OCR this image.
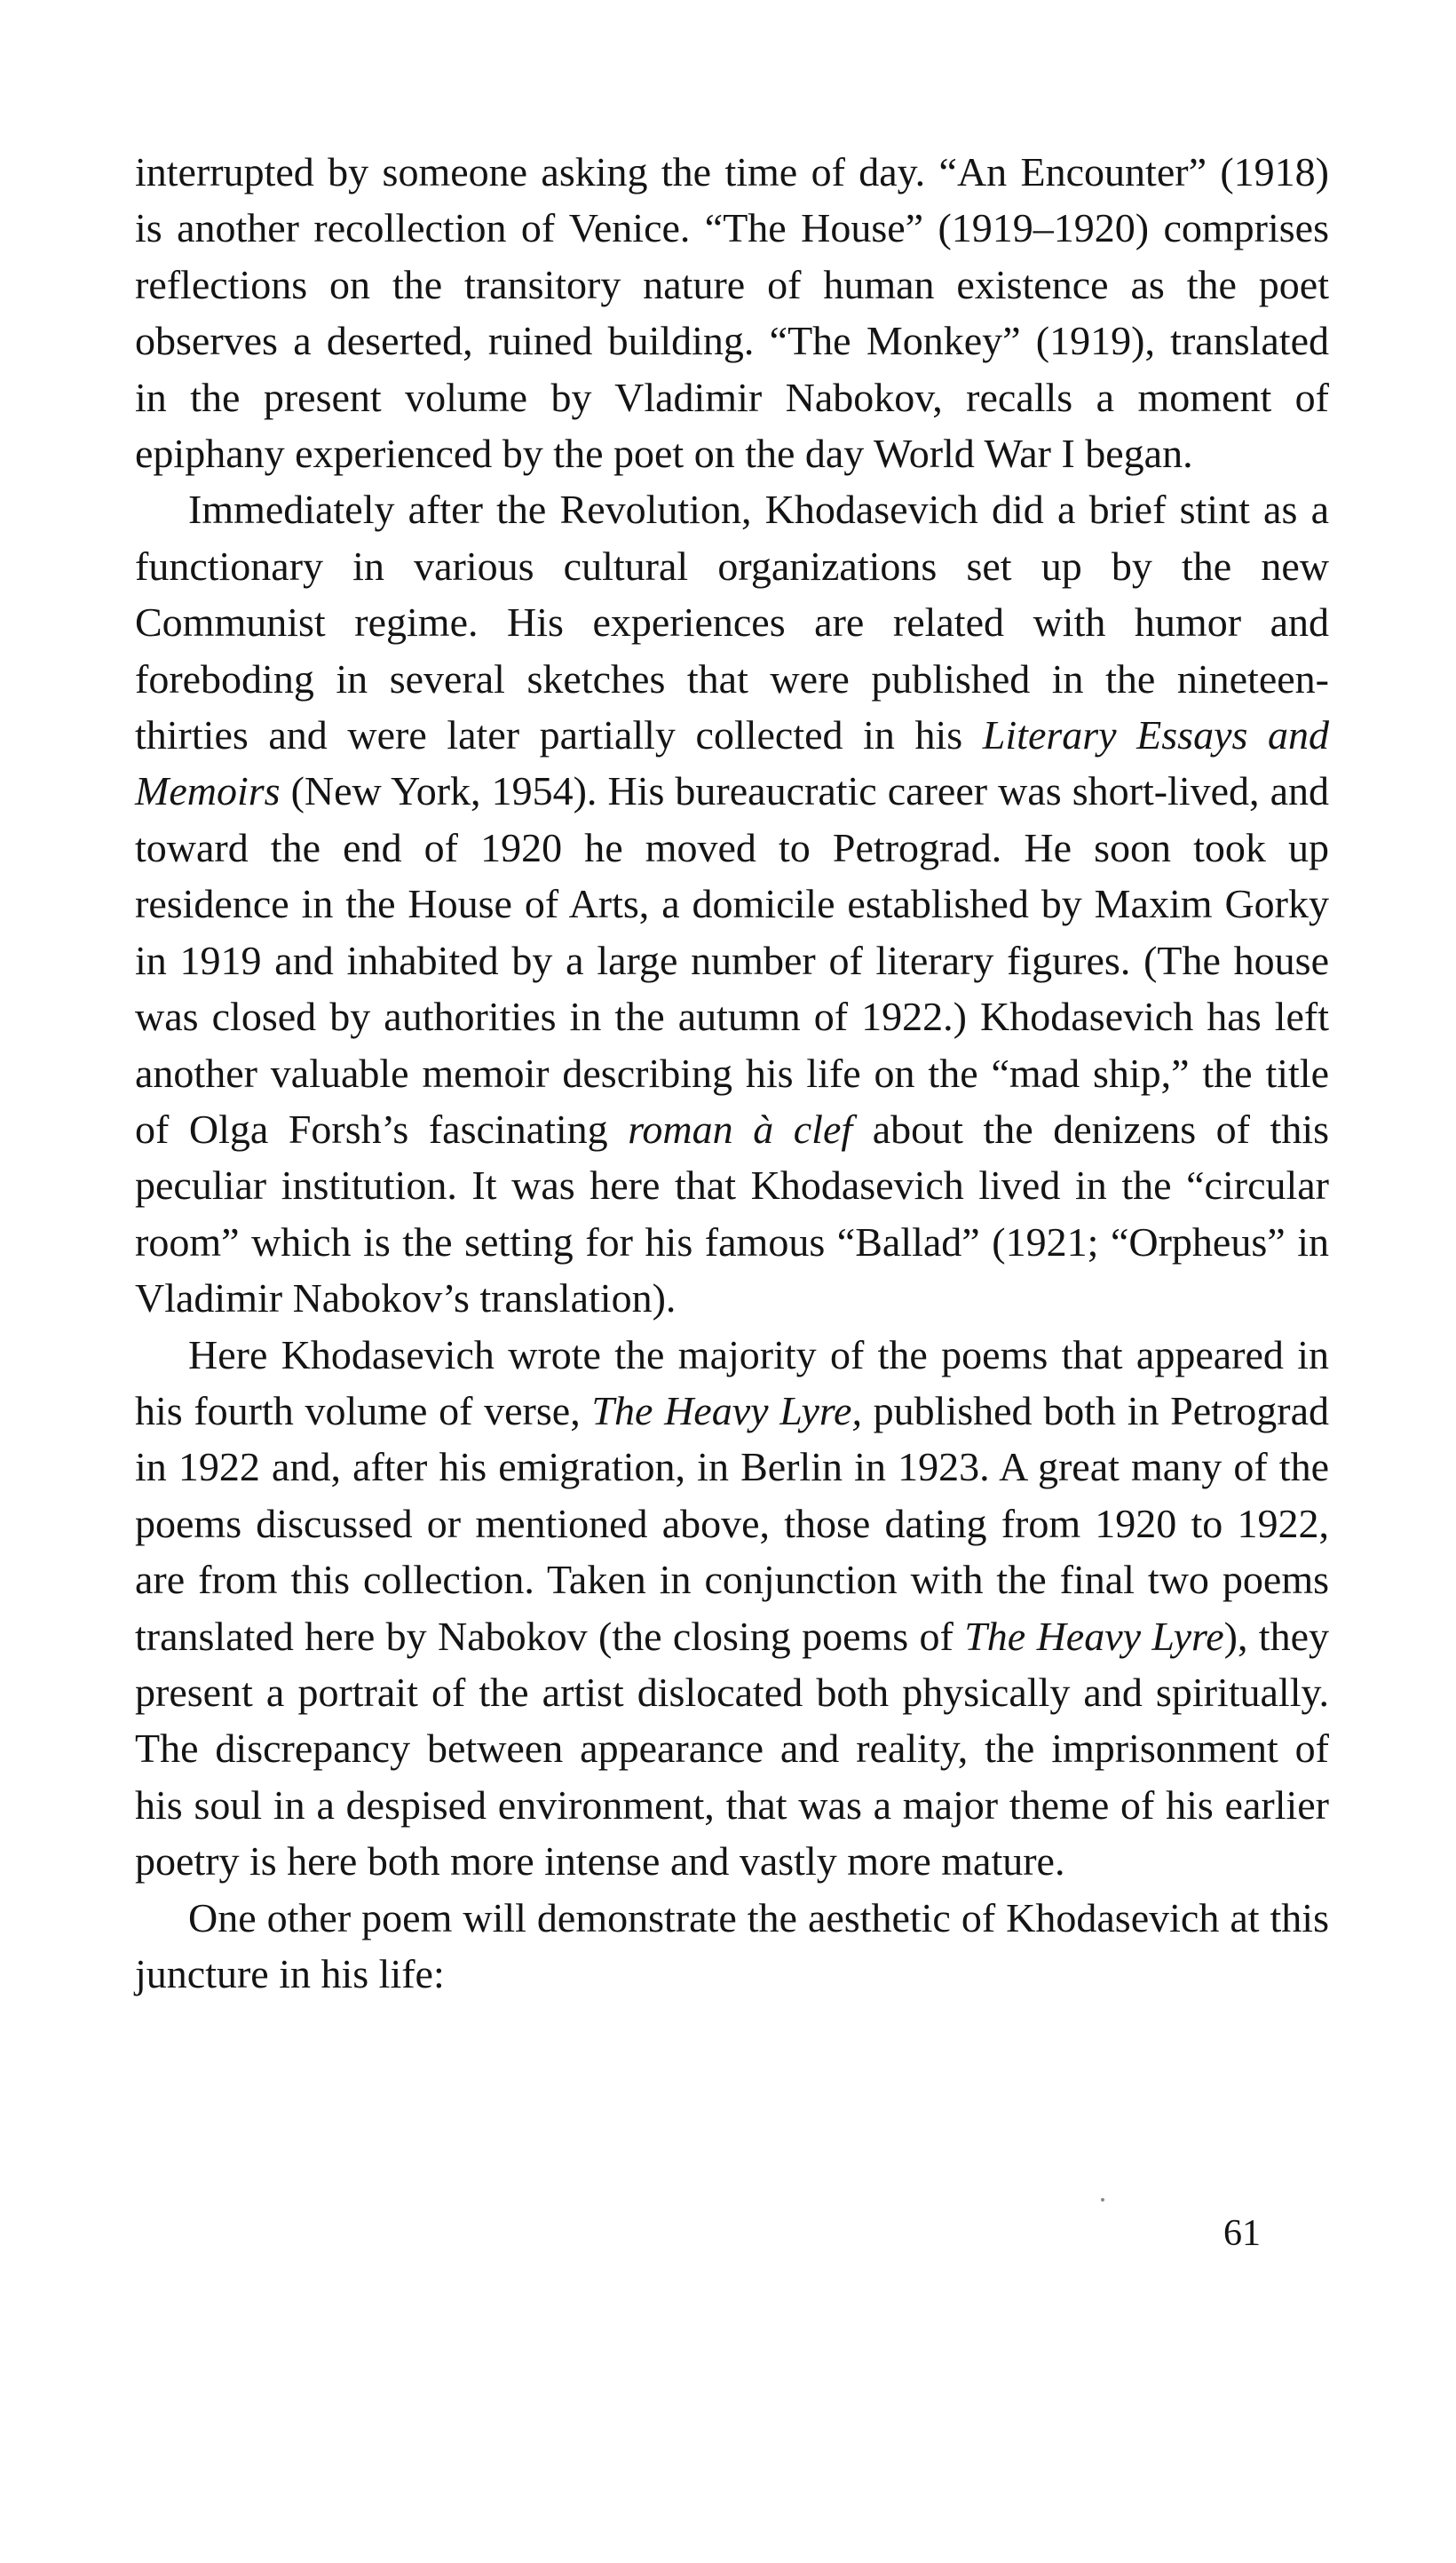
interrupted by someone asking the time of day. “An Encounter” (1918) is another recollection of Venice. “The House” (1919–1920) comprises reflections on the transitory nature of human existence as the poet observes a deserted, ruined building. “The Monkey” (1919), translated in the present volume by Vladimir Nabokov, recalls a moment of epiphany experienced by the poet on the day World War I began.

Immediately after the Revolution, Khodasevich did a brief stint as a functionary in various cultural organizations set up by the new Communist regime. His experiences are related with humor and foreboding in several sketches that were published in the nineteen-thirties and were later partially collected in his Literary Essays and Memoirs (New York, 1954). His bureaucratic career was short-lived, and toward the end of 1920 he moved to Petrograd. He soon took up residence in the House of Arts, a domicile established by Maxim Gorky in 1919 and inhabited by a large number of literary figures. (The house was closed by authorities in the autumn of 1922.) Khodasevich has left another valuable memoir describing his life on the “mad ship,” the title of Olga Forsh’s fascinating roman à clef about the denizens of this peculiar institution. It was here that Khodasevich lived in the “circular room” which is the setting for his famous “Ballad” (1921; “Orpheus” in Vladimir Nabokov’s translation).

Here Khodasevich wrote the majority of the poems that appeared in his fourth volume of verse, The Heavy Lyre, published both in Petrograd in 1922 and, after his emigration, in Berlin in 1923. A great many of the poems discussed or mentioned above, those dating from 1920 to 1922, are from this collection. Taken in conjunction with the final two poems translated here by Nabokov (the closing poems of The Heavy Lyre), they present a portrait of the artist dislocated both physically and spiritually. The discrepancy between appearance and reality, the imprisonment of his soul in a despised environment, that was a major theme of his earlier poetry is here both more intense and vastly more mature.

One other poem will demonstrate the aesthetic of Khodasevich at this juncture in his life:

61
